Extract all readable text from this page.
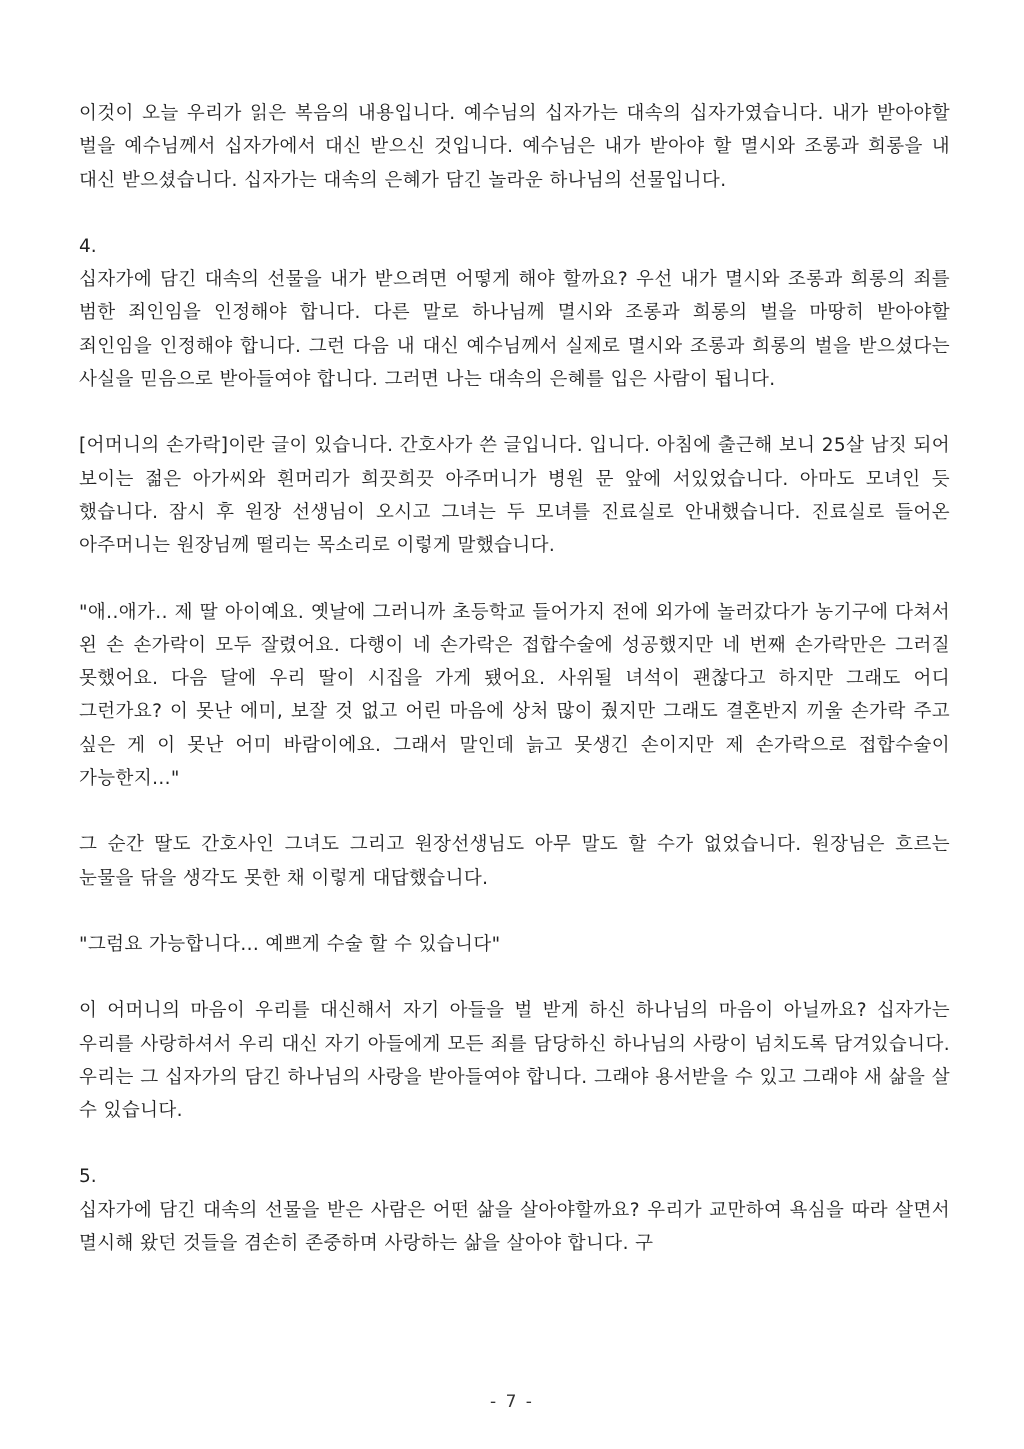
이것이 오늘 우리가 읽은 복음의 내용입니다. 예수님의 십자가는 대속의 십자가였습니다. 내가 받아야할 벌을 예수님께서 십자가에서 대신 받으신 것입니다. 예수님은 내가 받아야 할 멸시와 조롱과 희롱을 내 대신 받으셨습니다. 십자가는 대속의 은혜가 담긴 놀라운 하나님의 선물입니다.

4.

십자가에 담긴 대속의 선물을 내가 받으려면 어떻게 해야 할까요? 우선 내가 멸시와 조롱과 희롱의 죄를 범한 죄인임을 인정해야 합니다. 다른 말로 하나님께 멸시와 조롱과 희롱의 벌을 마땅히 받아야할 죄인임을 인정해야 합니다. 그런 다음 내 대신 예수님께서 실제로 멸시와 조롱과 희롱의 벌을 받으셨다는 사실을 믿음으로 받아들여야 합니다. 그러면 나는 대속의 은혜를 입은 사람이 됩니다.

[어머니의 손가락]이란 글이 있습니다. 간호사가 쓴 글입니다. 입니다. 아침에 출근해 보니 25살 남짓 되어 보이는 젊은 아가씨와 흰머리가 희끗희끗 아주머니가 병원 문 앞에 서있었습니다. 아마도 모녀인 듯 했습니다. 잠시 후 원장 선생님이 오시고 그녀는 두 모녀를 진료실로 안내했습니다. 진료실로 들어온 아주머니는 원장님께 떨리는 목소리로 이렇게 말했습니다.

"애..애가.. 제 딸 아이예요. 옛날에 그러니까 초등학교 들어가지 전에 외가에 놀러갔다가 농기구에 다쳐서 왼 손 손가락이 모두 잘렸어요. 다행이 네 손가락은 접합수술에 성공했지만 네 번째 손가락만은 그러질 못했어요. 다음 달에 우리 딸이 시집을 가게 됐어요. 사위될 녀석이 괜찮다고 하지만 그래도 어디 그런가요? 이 못난 에미, 보잘 것 없고 어린 마음에 상처 많이 줬지만 그래도 결혼반지 끼울 손가락 주고 싶은 게 이 못난 어미 바람이에요. 그래서 말인데 늙고 못생긴 손이지만 제 손가락으로 접합수술이 가능한지..."

그 순간 딸도 간호사인 그녀도 그리고 원장선생님도 아무 말도 할 수가 없었습니다. 원장님은 흐르는 눈물을 닦을 생각도 못한 채 이렇게 대답했습니다.

"그럼요 가능합니다... 예쁘게 수술 할 수 있습니다"

이 어머니의 마음이 우리를 대신해서 자기 아들을 벌 받게 하신 하나님의 마음이 아닐까요? 십자가는 우리를 사랑하셔서 우리 대신 자기 아들에게 모든 죄를 담당하신 하나님의 사랑이 넘치도록 담겨있습니다. 우리는 그 십자가의 담긴 하나님의 사랑을 받아들여야 합니다. 그래야 용서받을 수 있고 그래야 새 삶을 살 수 있습니다.

5.

십자가에 담긴 대속의 선물을 받은 사람은 어떤 삶을 살아야할까요? 우리가 교만하여 욕심을 따라 살면서 멸시해 왔던 것들을 겸손히 존중하며 사랑하는 삶을 살아야 합니다. 구

- 7 -
